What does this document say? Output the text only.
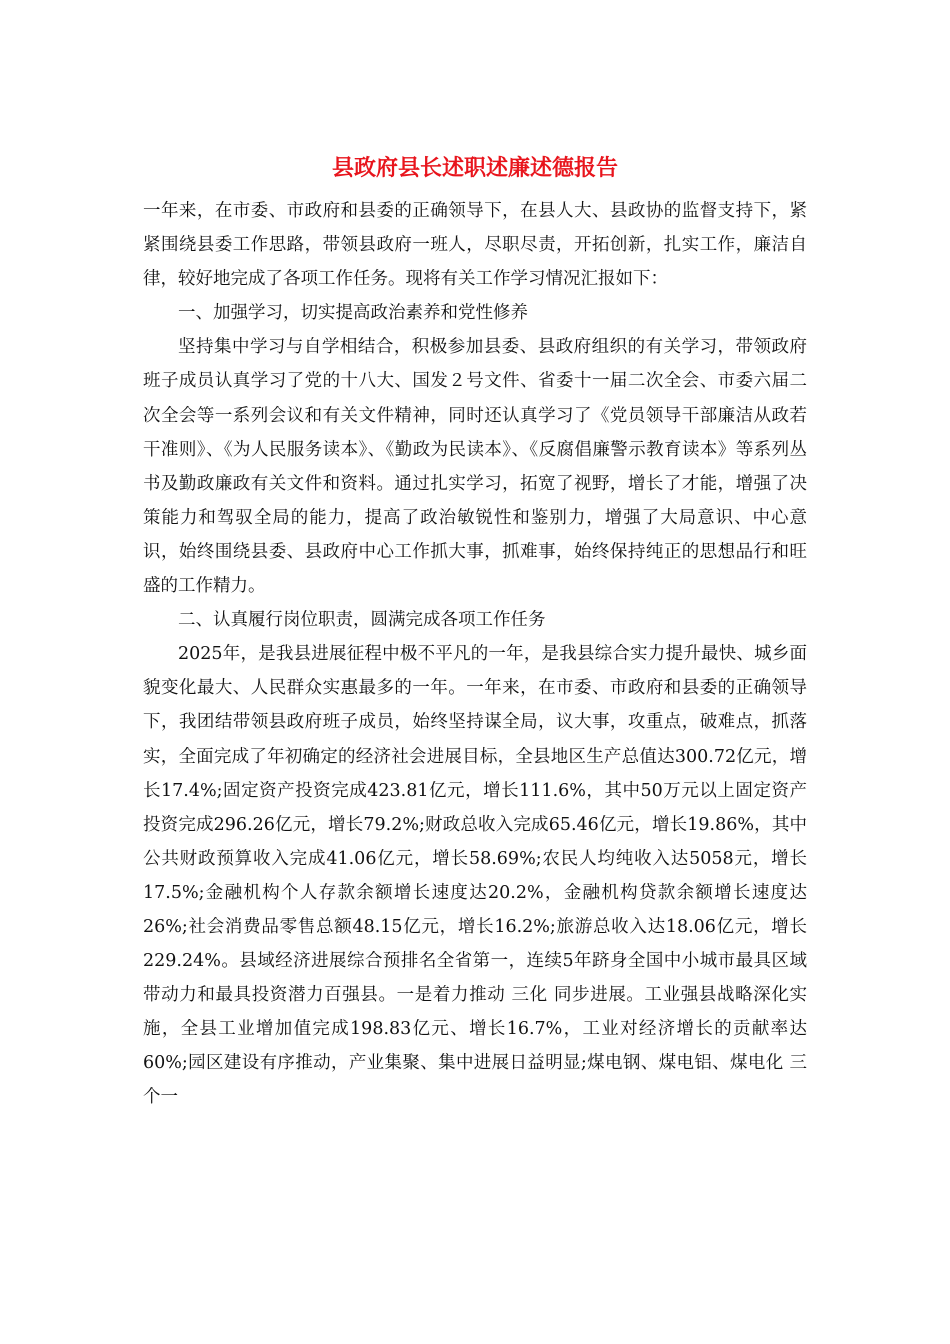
县政府县长述职述廉述德报告

一年来，在市委、市政府和县委的正确领导下，在县人大、县政协的监督支持下，紧紧围绕县委工作思路，带领县政府一班人，尽职尽责，开拓创新，扎实工作，廉洁自律，较好地完成了各项工作任务。现将有关工作学习情况汇报如下：

一、加强学习，切实提高政治素养和党性修养

坚持集中学习与自学相结合，积极参加县委、县政府组织的有关学习，带领政府班子成员认真学习了党的十八大、国发２号文件、省委十一届二次全会、市委六届二次全会等一系列会议和有关文件精神，同时还认真学习了《党员领导干部廉洁从政若干准则》、《为人民服务读本》、《勤政为民读本》、《反腐倡廉警示教育读本》等系列丛书及勤政廉政有关文件和资料。通过扎实学习，拓宽了视野，增长了才能，增强了决策能力和驾驭全局的能力，提高了政治敏锐性和鉴别力，增强了大局意识、中心意识，始终围绕县委、县政府中心工作抓大事，抓难事，始终保持纯正的思想品行和旺盛的工作精力。

二、认真履行岗位职责，圆满完成各项工作任务

2025年，是我县进展征程中极不平凡的一年，是我县综合实力提升最快、城乡面貌变化最大、人民群众实惠最多的一年。一年来，在市委、市政府和县委的正确领导下，我团结带领县政府班子成员，始终坚持谋全局，议大事，攻重点，破难点，抓落实，全面完成了年初确定的经济社会进展目标，全县地区生产总值达300.72亿元，增长17.4%;固定资产投资完成423.81亿元，增长111.6%，其中50万元以上固定资产投资完成296.26亿元，增长79.2%;财政总收入完成65.46亿元，增长19.86%，其中公共财政预算收入完成41.06亿元，增长58.69%;农民人均纯收入达5058元，增长17.5%;金融机构个人存款余额增长速度达20.2%，金融机构贷款余额增长速度达26%;社会消费品零售总额48.15亿元，增长16.2%;旅游总收入达18.06亿元，增长229.24%。县域经济进展综合预排名全省第一，连续5年跻身全国中小城市最具区域带动力和最具投资潜力百强县。一是着力推动 三化 同步进展。工业强县战略深化实施，全县工业增加值完成198.83亿元、增长16.7%，工业对经济增长的贡献率达60%;园区建设有序推动，产业集聚、集中进展日益明显;煤电钢、煤电铝、煤电化 三个一
